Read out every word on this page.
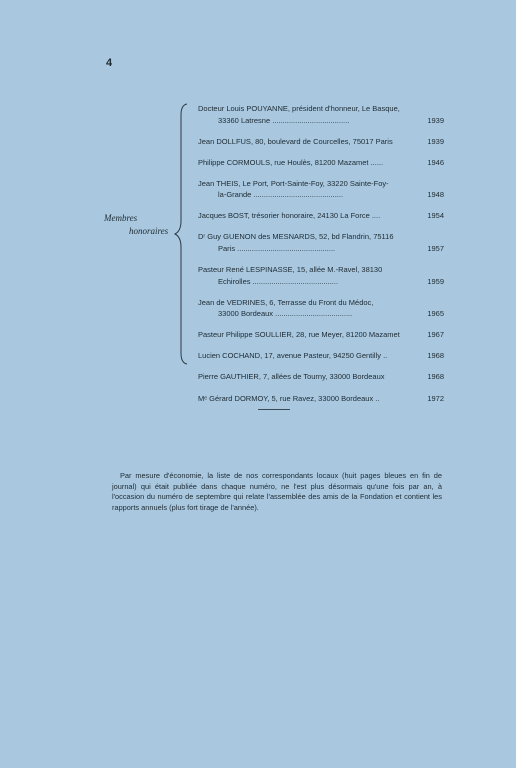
4
Membres
honoraires
Docteur Louis POUYANNE, président d'honneur, Le Basque,
33360 Latresne .....................................	1939
Jean DOLLFUS, 80, boulevard de Courcelles, 75017 Paris	1939
Philippe CORMOULS, rue Houlès, 81200 Mazamet ......	1946
Jean THEIS, Le Port, Port-Sainte-Foy, 33220 Sainte-Foy-
la-Grande ...........................................	1948
Jacques BOST, trésorier honoraire, 24130 La Force ....	1954
Dʳ Guy GUENON des MESNARDS, 52, bd Flandrin, 75116
Paris ...............................................	1957
Pasteur René LESPINASSE, 15, allée M.-Ravel, 38130
Echirolles .........................................	1959
Jean de VEDRINES, 6, Terrasse du Front du Médoc,
33000 Bordeaux .....................................	1965
Pasteur Philippe SOULLIER, 28, rue Meyer, 81200 Mazamet	1967
Lucien COCHAND, 17, avenue Pasteur, 94250 Gentilly ..	1968
Pierre GAUTHIER, 7, allées de Tourny, 33000 Bordeaux	1968
Mᵉ Gérard DORMOY, 5, rue Ravez, 33000 Bordeaux ..	1972
Par mesure d'économie, la liste de nos correspondants locaux (huit pages bleues en fin de journal) qui était publiée dans chaque numéro, ne l'est plus désormais qu'une fois par an, à l'occasion du numéro de septembre qui relate l'assemblée des amis de la Fondation et contient les rapports annuels (plus fort tirage de l'année).
